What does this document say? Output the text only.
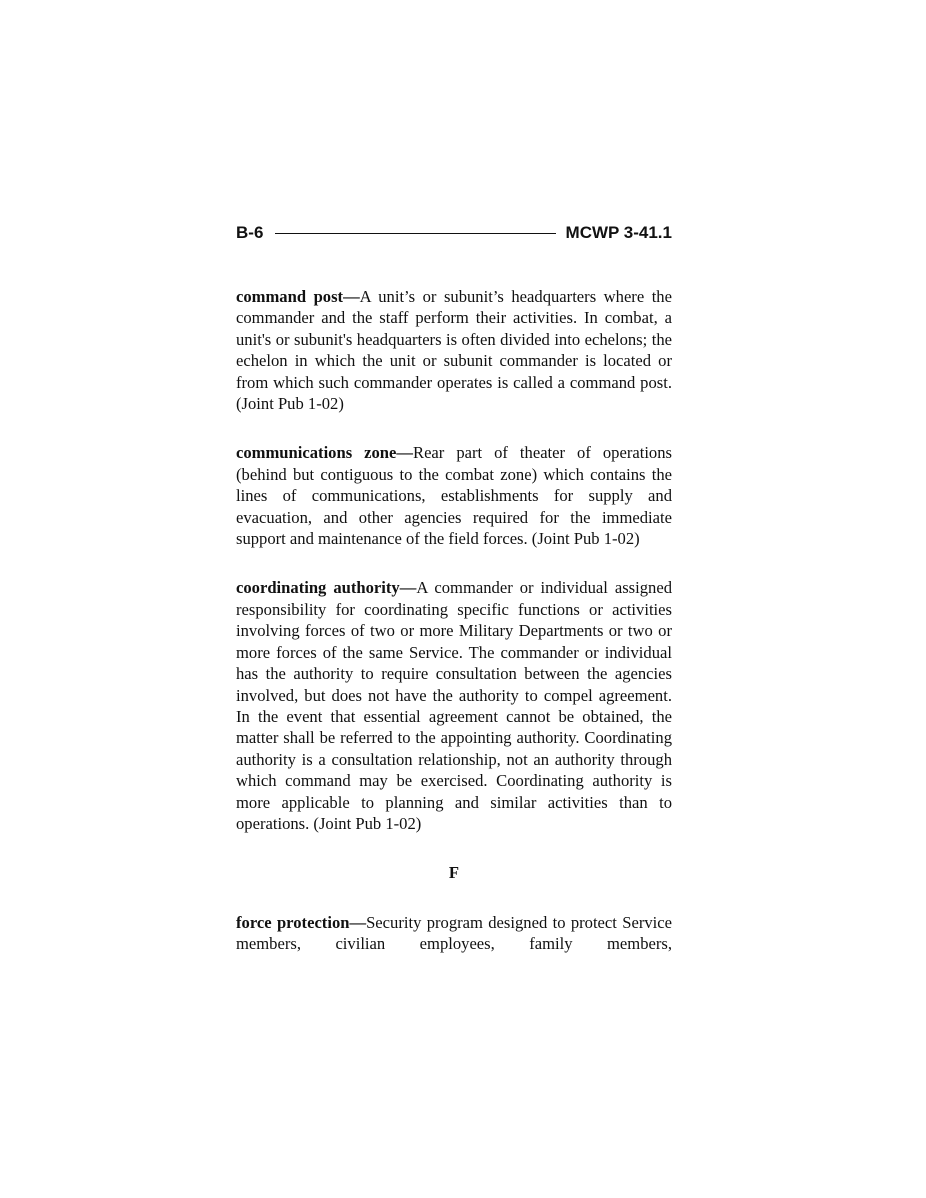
B-6	MCWP 3-41.1

command post—A unit’s or subunit’s headquarters where the commander and the staff perform their activities. In combat, a unit's or subunit's headquarters is often divided into echelons; the echelon in which the unit or subunit commander is located or from which such commander operates is called a command post. (Joint Pub 1-02)

communications zone—Rear part of theater of operations (behind but contiguous to the combat zone) which contains the lines of communications, establishments for supply and evacuation, and other agencies required for the immediate support and maintenance of the field forces. (Joint Pub 1-02)

coordinating authority—A commander or individual assigned responsibility for coordinating specific functions or activities involving forces of two or more Military Departments or two or more forces of the same Service. The commander or individual has the authority to require consultation between the agencies involved, but does not have the authority to compel agreement. In the event that essential agreement cannot be obtained, the matter shall be referred to the appointing authority. Coordinating authority is a consultation relationship, not an authority through which command may be exercised. Coordinating authority is more applicable to planning and similar activities than to operations. (Joint Pub 1-02)

F

force protection—Security program designed to protect Service members, civilian employees, family members,
